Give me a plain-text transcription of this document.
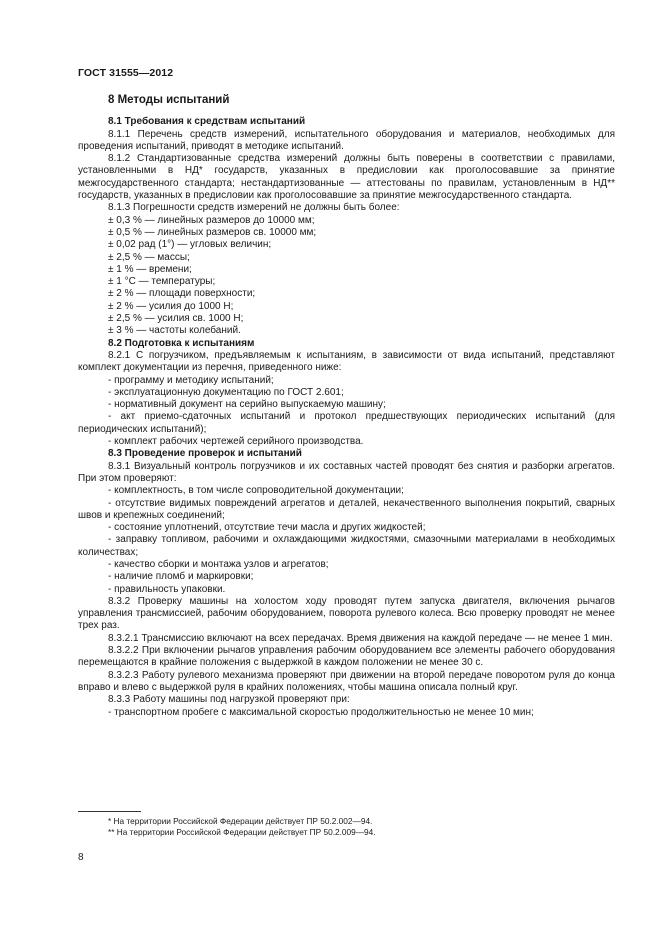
ГОСТ 31555—2012

8 Методы испытаний

8.1 Требования к средствам испытаний

8.1.1 Перечень средств измерений, испытательного оборудования и материалов, необходимых для проведения испытаний, приводят в методике испытаний.

8.1.2 Стандартизованные средства измерений должны быть поверены в соответствии с правилами, установленными в НД* государств, указанных в предисловии как проголосовавшие за принятие межгосударственного стандарта; нестандартизованные — аттестованы по правилам, установленным в НД** государств, указанных в предисловии как проголосовавшие за принятие межгосударственного стандарта.

8.1.3 Погрешности средств измерений не должны быть более:

± 0,3 % — линейных размеров до 10000 мм;

± 0,5 % — линейных размеров св. 10000 мм;

± 0,02 рад (1°) — угловых величин;

± 2,5 % — массы;

± 1 % — времени;

± 1 °С — температуры;

± 2 % — площади поверхности;

± 2 % — усилия до 1000 Н;

± 2,5 % — усилия св. 1000 Н;

± 3 % — частоты колебаний.

8.2 Подготовка к испытаниям

8.2.1 С погрузчиком, предъявляемым к испытаниям, в зависимости от вида испытаний, представляют комплект документации из перечня, приведенного ниже:

- программу и методику испытаний;

- эксплуатационную документацию по ГОСТ 2.601;

- нормативный документ на серийно выпускаемую машину;

- акт приемо-сдаточных испытаний и протокол предшествующих периодических испытаний (для периодических испытаний);

- комплект рабочих чертежей серийного производства.

8.3 Проведение проверок и испытаний

8.3.1 Визуальный контроль погрузчиков и их составных частей проводят без снятия и разборки агрегатов. При этом проверяют:

- комплектность, в том числе сопроводительной документации;

- отсутствие видимых повреждений агрегатов и деталей, некачественного выполнения покрытий, сварных швов и крепежных соединений;

- состояние уплотнений, отсутствие течи масла и других жидкостей;

- заправку топливом, рабочими и охлаждающими жидкостями, смазочными материалами в необходимых количествах;

- качество сборки и монтажа узлов и агрегатов;

- наличие пломб и маркировки;

- правильность упаковки.

8.3.2 Проверку машины на холостом ходу проводят путем запуска двигателя, включения рычагов управления трансмиссией, рабочим оборудованием, поворота рулевого колеса. Всю проверку проводят не менее трех раз.

8.3.2.1 Трансмиссию включают на всех передачах. Время движения на каждой передаче — не менее 1 мин.

8.3.2.2 При включении рычагов управления рабочим оборудованием все элементы рабочего оборудования перемещаются в крайние положения с выдержкой в каждом положении не менее 30 с.

8.3.2.3 Работу рулевого механизма проверяют при движении на второй передаче поворотом руля до конца вправо и влево с выдержкой руля в крайних положениях, чтобы машина описала полный круг.

8.3.3 Работу машины под нагрузкой проверяют при:

- транспортном пробеге с максимальной скоростью продолжительностью не менее 10 мин;

* На территории Российской Федерации действует ПР 50.2.002—94.
** На территории Российской Федерации действует ПР 50.2.009—94.
8
